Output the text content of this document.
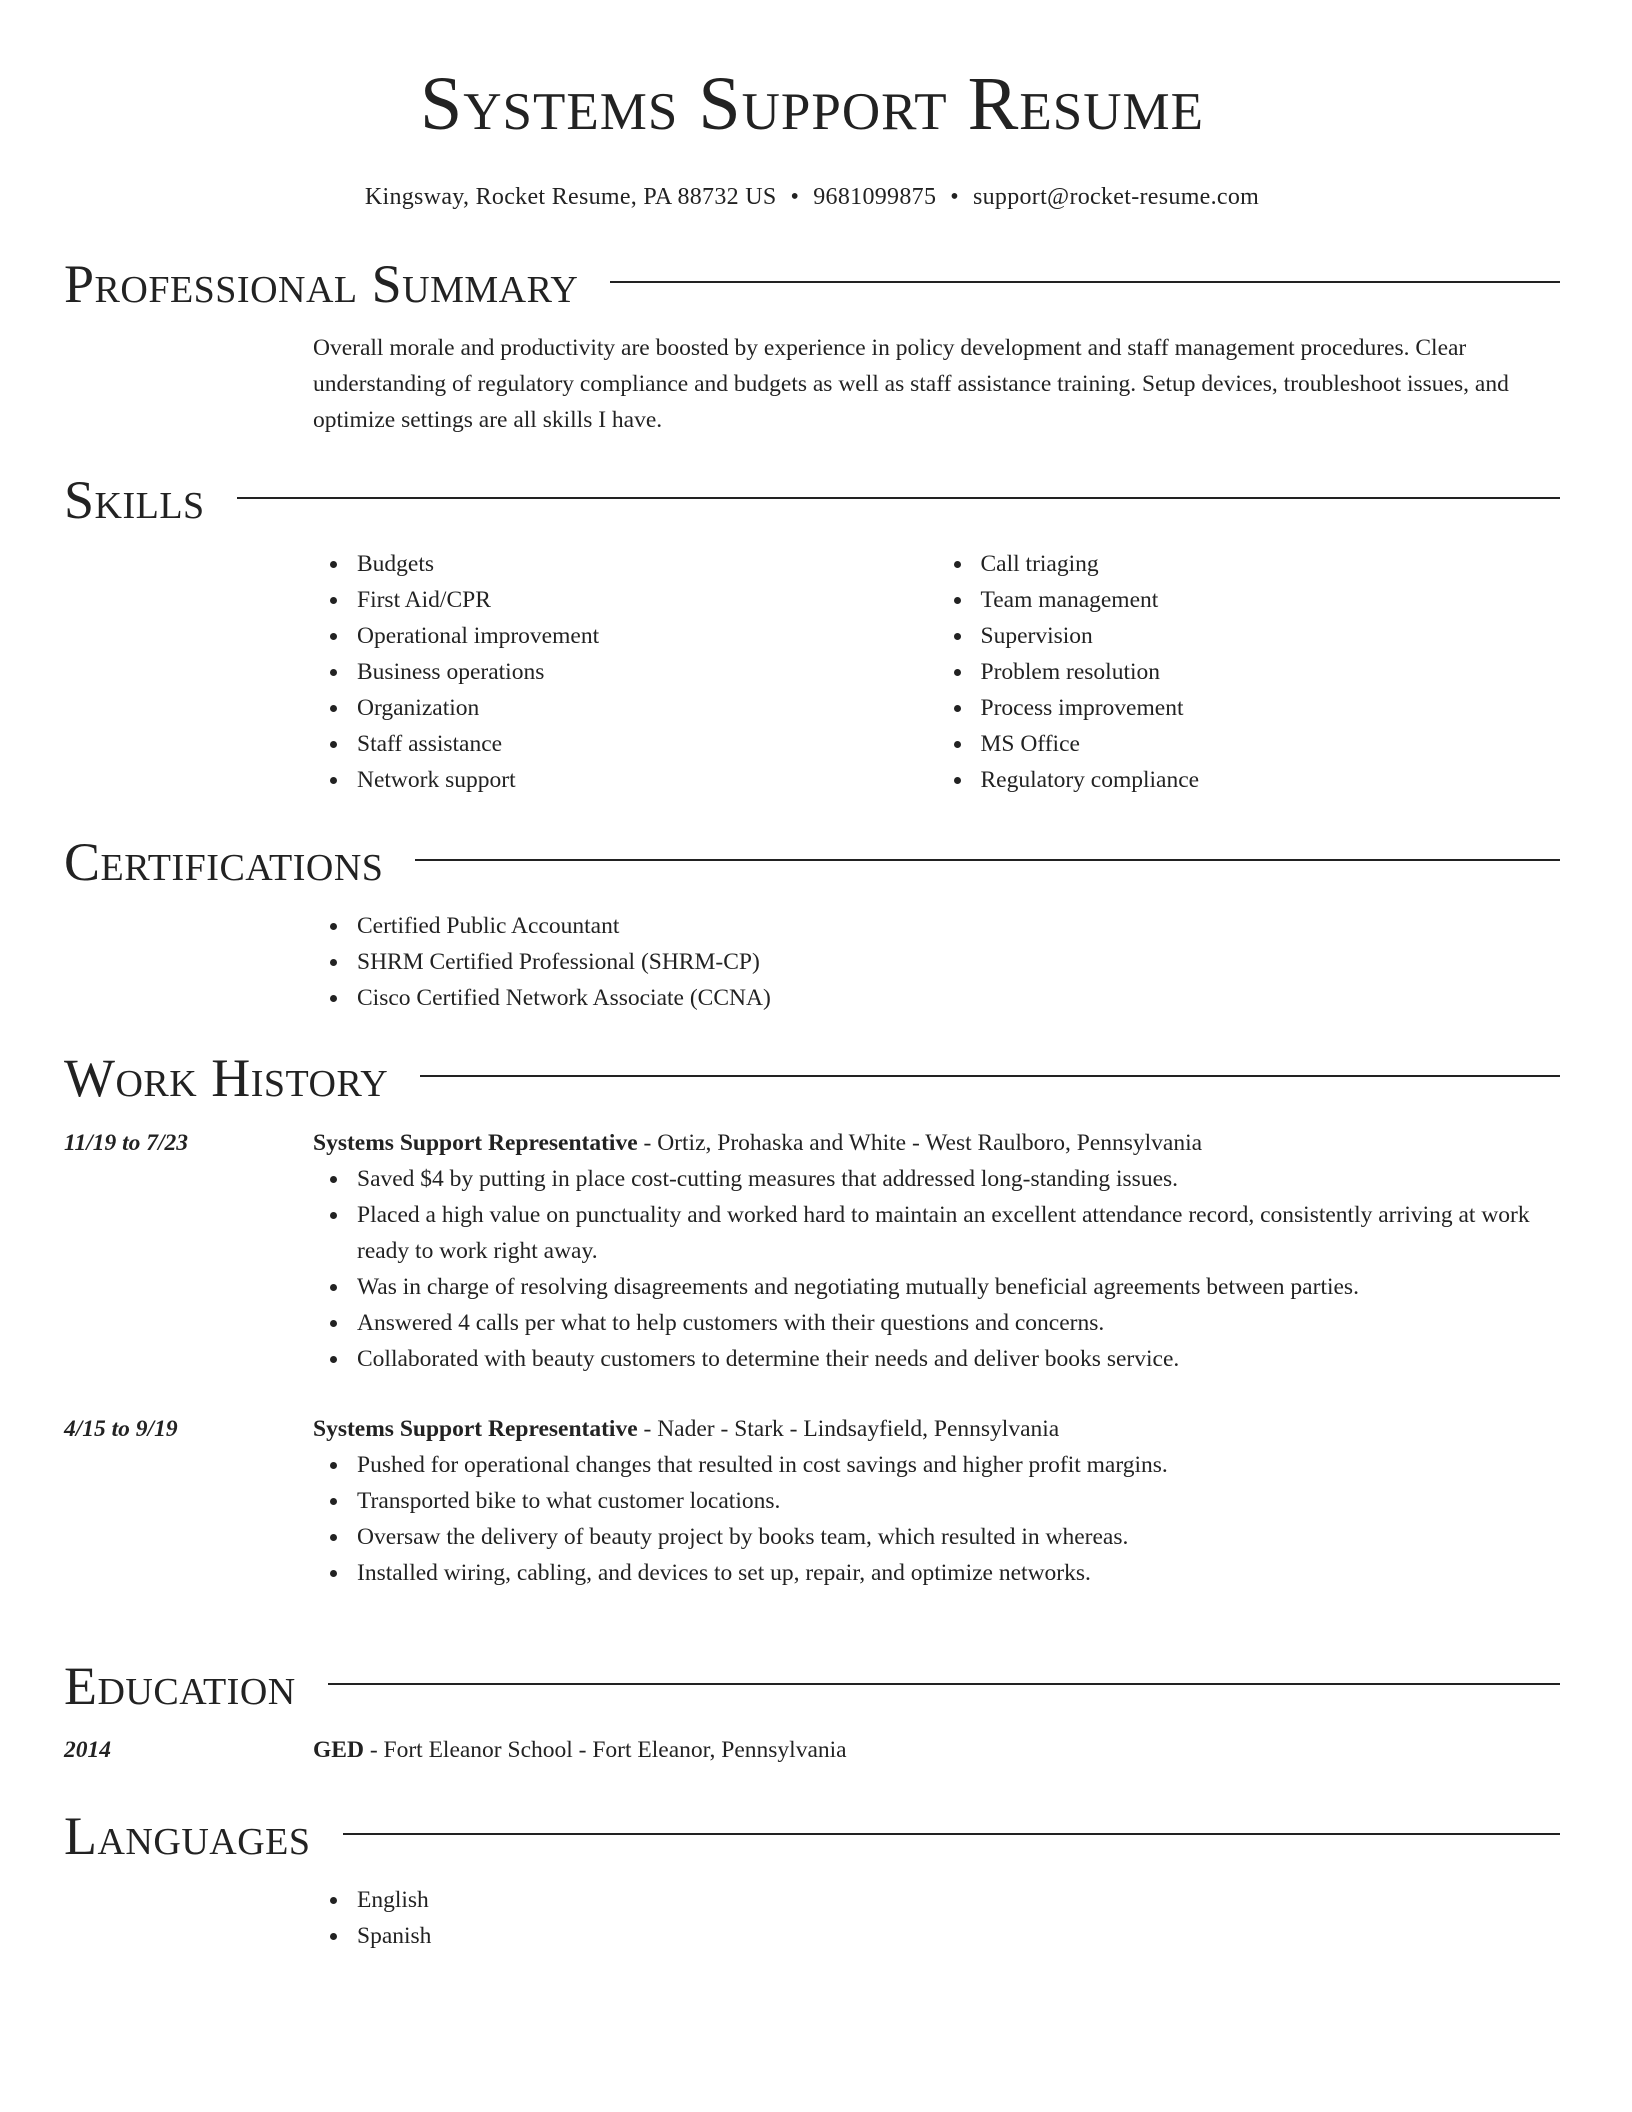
Systems Support Resume
Kingsway, Rocket Resume, PA 88732 US • 9681099875 • support@rocket-resume.com
Professional Summary

Overall morale and productivity are boosted by experience in policy development and staff management procedures. Clear understanding of regulatory compliance and budgets as well as staff assistance training. Setup devices, troubleshoot issues, and optimize settings are all skills I have.

Skills
Budgets
First Aid/CPR
Operational improvement
Business operations
Organization
Staff assistance
Network support
Call triaging
Team management
Supervision
Problem resolution
Process improvement
MS Office
Regulatory compliance
Certifications
Certified Public Accountant
SHRM Certified Professional (SHRM-CP)
Cisco Certified Network Associate (CCNA)
Work History
11/19 to 7/23	Systems Support Representative - Ortiz, Prohaska and White - West Raulboro, Pennsylvania
Saved $4 by putting in place cost-cutting measures that addressed long-standing issues.
Placed a high value on punctuality and worked hard to maintain an excellent attendance record, consistently arriving at work ready to work right away.
Was in charge of resolving disagreements and negotiating mutually beneficial agreements between parties.
Answered 4 calls per what to help customers with their questions and concerns.
Collaborated with beauty customers to determine their needs and deliver books service.
4/15 to 9/19	Systems Support Representative - Nader - Stark - Lindsayfield, Pennsylvania
Pushed for operational changes that resulted in cost savings and higher profit margins.
Transported bike to what customer locations.
Oversaw the delivery of beauty project by books team, which resulted in whereas.
Installed wiring, cabling, and devices to set up, repair, and optimize networks.
Education
2014	GED - Fort Eleanor School - Fort Eleanor, Pennsylvania
Languages
English
Spanish
